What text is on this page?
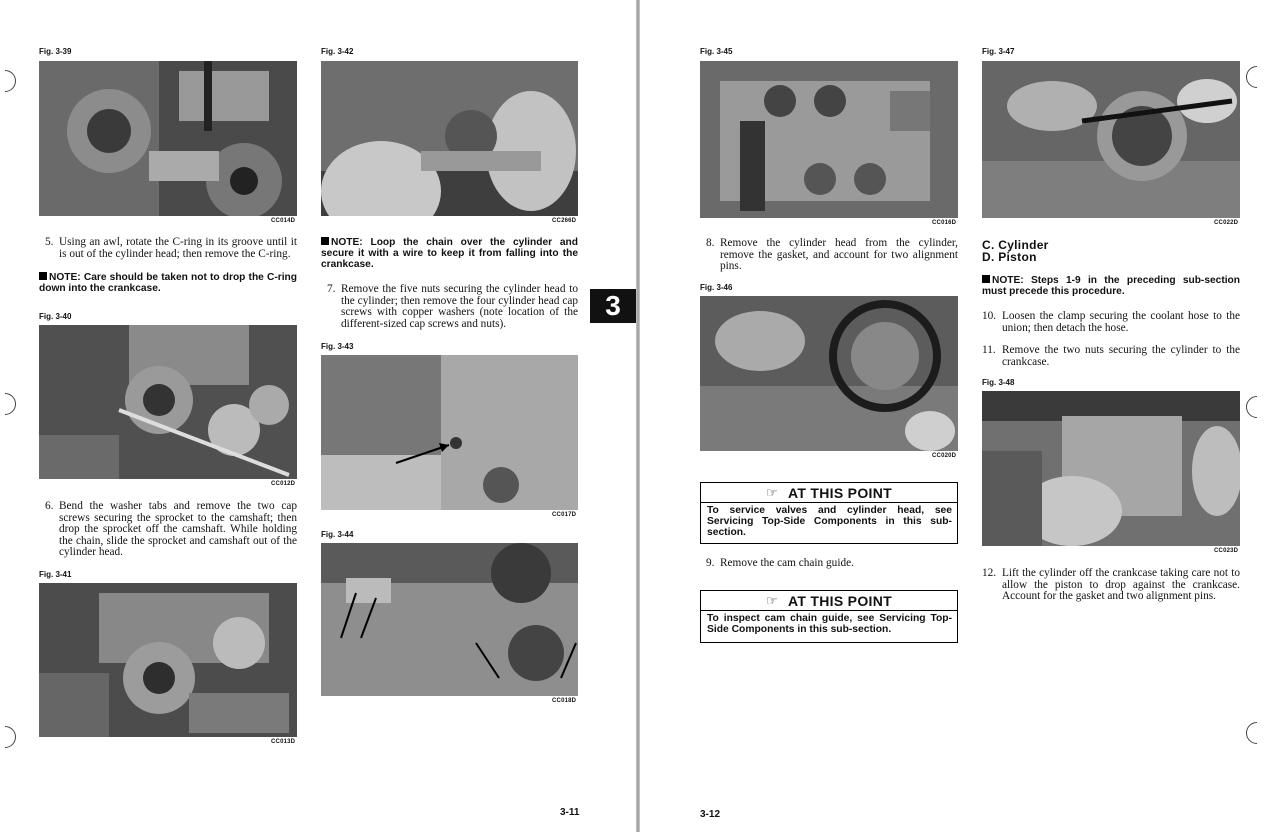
Fig. 3-39
CC014D
5. Using an awl, rotate the C-ring in its groove until it is out of the cylinder head; then remove the C-ring.
NOTE: Care should be taken not to drop the C-ring down into the crankcase.
Fig. 3-40
CC012D
6. Bend the washer tabs and remove the two cap screws securing the sprocket to the camshaft; then drop the sprocket off the camshaft. While holding the chain, slide the sprocket and camshaft out of the cylinder head.
Fig. 3-41
CC013D
Fig. 3-42
CC266D
NOTE: Loop the chain over the cylinder and secure it with a wire to keep it from falling into the crankcase.
7. Remove the five nuts securing the cylinder head to the cylinder; then remove the four cylinder head cap screws with copper washers (note location of the different-sized cap screws and nuts).
Fig. 3-43
CC017D
Fig. 3-44
CC018D
3
3-11
Fig. 3-45
CC016D
8. Remove the cylinder head from the cylinder, remove the gasket, and account for two alignment pins.
Fig. 3-46
CC020D
☞ AT THIS POINT
To service valves and cylinder head, see Servicing Top-Side Components in this sub-section.
9. Remove the cam chain guide.
☞ AT THIS POINT
To inspect cam chain guide, see Servicing Top-Side Components in this sub-section.
Fig. 3-47
CC022D
C. Cylinder
D. Piston
NOTE: Steps 1-9 in the preceding sub-section must precede this procedure.
10. Loosen the clamp securing the coolant hose to the union; then detach the hose.
11. Remove the two nuts securing the cylinder to the crankcase.
Fig. 3-48
CC023D
12. Lift the cylinder off the crankcase taking care not to allow the piston to drop against the crankcase. Account for the gasket and two alignment pins.
3-12
